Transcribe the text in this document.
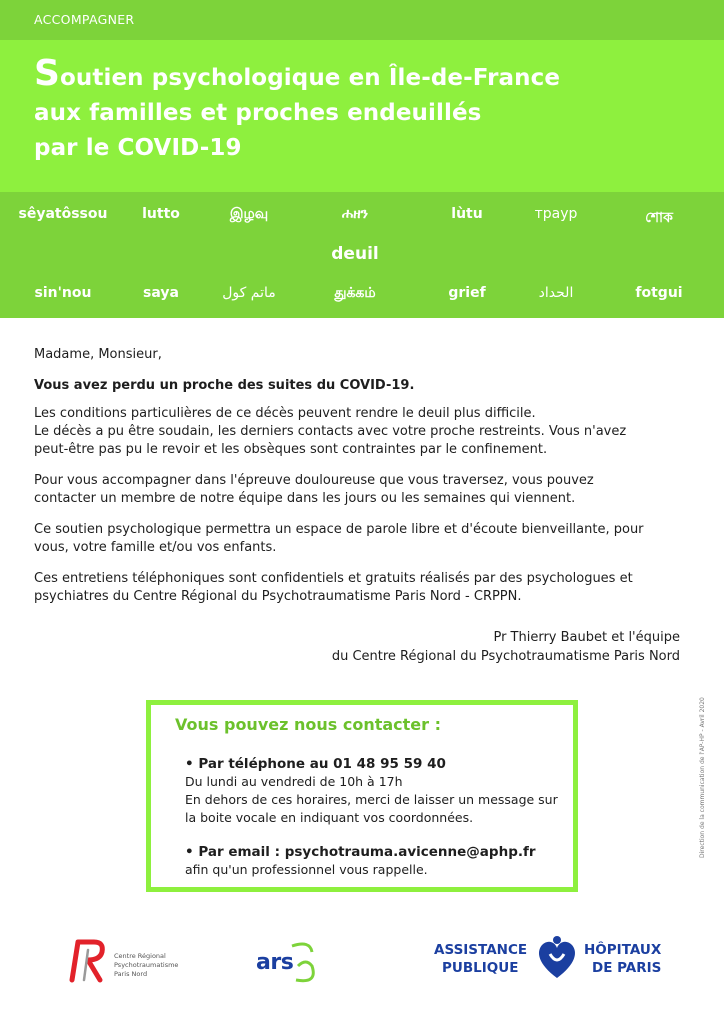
ACCOMPAGNER
Soutien psychologique en Île-de-France
aux familles et proches endeuillés
par le COVID-19
sêyatôssou lutto	இழவு	ሐዘን	lùtu	траур	শোক
deuil
sin'nou	saya	ماتم کول	துக்கம்	grief	الحداد	fotgui

Madame, Monsieur,

Vous avez perdu un proche des suites du COVID-19.

Les conditions particulières de ce décès peuvent rendre le deuil plus difficile.
Le décès a pu être soudain, les derniers contacts avec votre proche restreints. Vous n'avez
peut-être pas pu le revoir et les obsèques sont contraintes par le confinement.

Pour vous accompagner dans l'épreuve douloureuse que vous traversez, vous pouvez
contacter un membre de notre équipe dans les jours ou les semaines qui viennent.

Ce soutien psychologique permettra un espace de parole libre et d'écoute bienveillante, pour
vous, votre famille et/ou vos enfants.

Ces entretiens téléphoniques sont confidentiels et gratuits réalisés par des psychologues et
psychiatres du Centre Régional du Psychotraumatisme Paris Nord - CRPPN.

Pr Thierry Baubet et l'équipe
du Centre Régional du Psychotraumatisme Paris Nord
Direction de la communication de l'AP-HP - Avril 2020
Vous pouvez nous contacter :
• Par téléphone au 01 48 95 59 40
Du lundi au vendredi de 10h à 17h
En dehors de ces horaires, merci de laisser un message sur
la boite vocale en indiquant vos coordonnées.
• Par email : psychotrauma.avicenne@aphp.fr
afin qu'un professionnel vous rappelle.
Centre Régional
Psychotraumatisme
Paris Nord	ars	ASSISTANCE
PUBLIQUE
HÔPITAUX
DE PARIS
